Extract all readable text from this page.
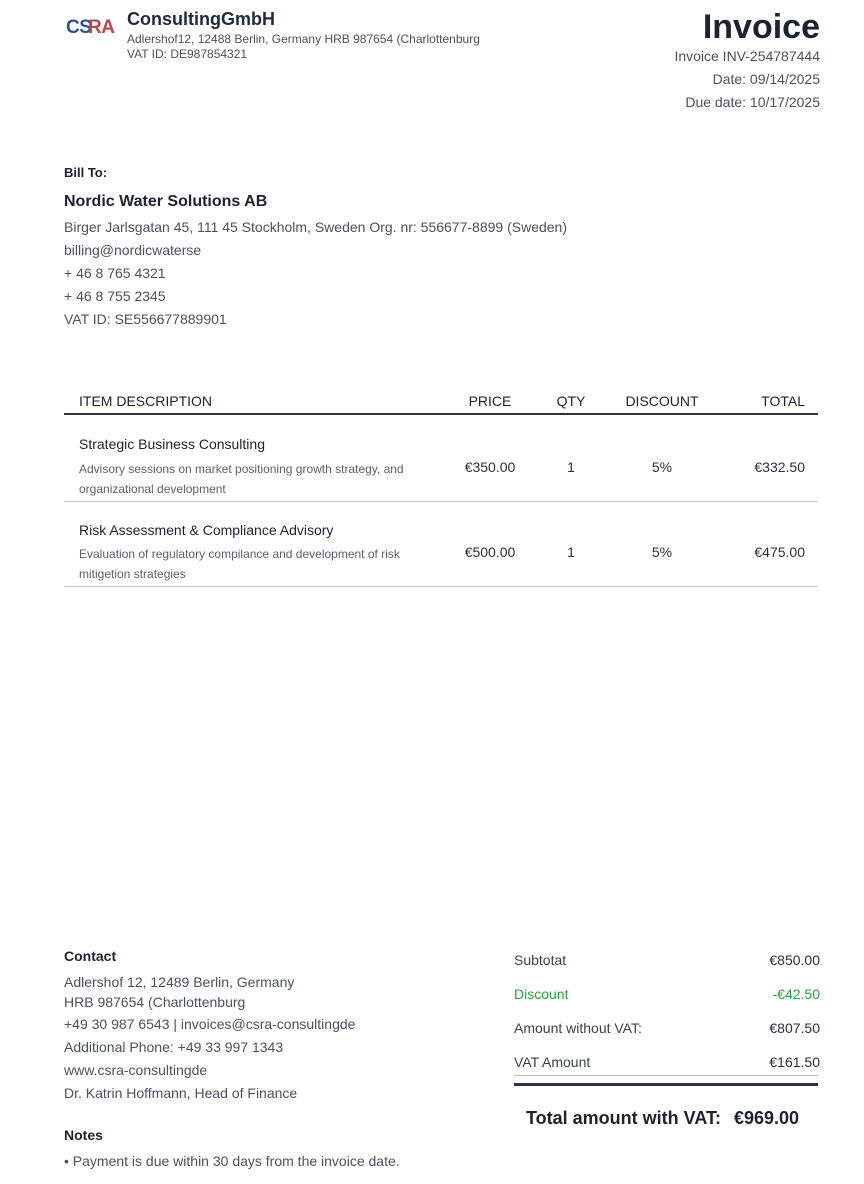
CS
RA ConsultingGmbH
Adlershof12, 12488 Berlin, Germany HRB 987654 (Charlottenburg
VAT ID: DE987854321
Invoice
Invoice INV-254787444
Date: 09/14/2025
Due date: 10/17/2025
Bill To:
Nordic Water Solutions AB
Birger Jarlsgatan 45, 111 45 Stockholm, Sweden Org. nr: 556677-8899 (Sweden)
billing@nordicwaterse
+ 46 8 765 4321
+ 46 8 755 2345
VAT ID: SE556677889901
ITEM DESCRIPTION	PRICE	QTY	DISCOUNT	TOTAL
Strategic Business Consulting
Advisory sessions on market positioning growth strategy, and organizational development
€350.00	1	5%	€332.50
Risk Assessment & Compliance Advisory
Evaluation of regulatory compilance and development of risk mitigetion strategies
€500.00	1	5%	€475.00
Contact
Adlershof 12, 12489 Berlin, Germany
HRB 987654 (Charlottenburg
+49 30 987 6543 | invoices@csra-consultingde
Additional Phone: +49 33 997 1343
www.csra-consultingde
Dr. Katrin Hoffmann, Head of Finance
Notes
• Payment is due within 30 days from the invoice date.
Subtotat	€850.00
Discount	-€42.50
Amount without VAT:	€807.50
VAT Amount	€161.50
Total amount with VAT: €969.00
